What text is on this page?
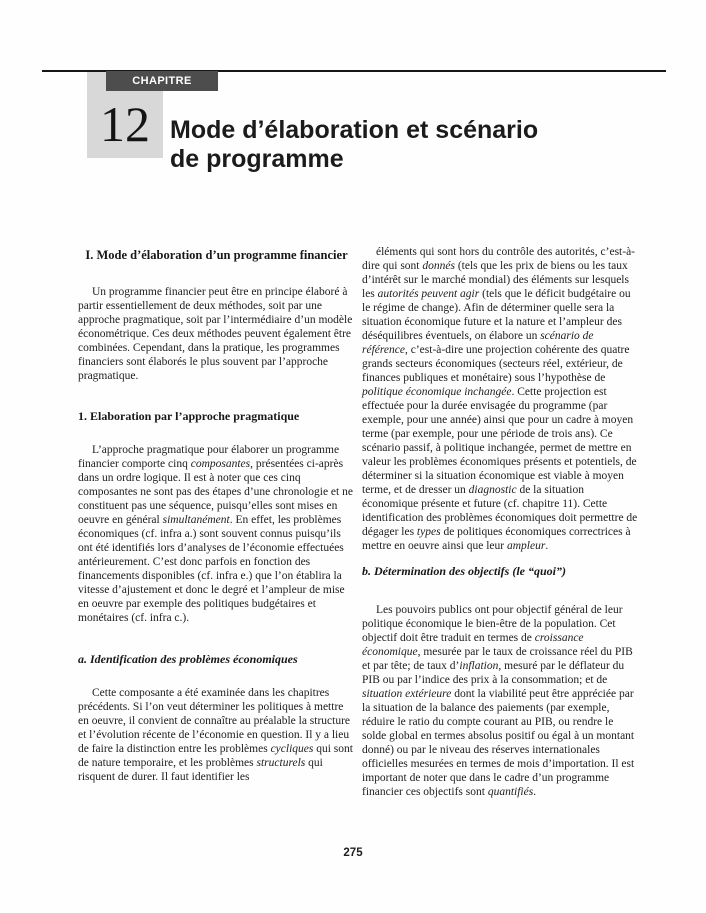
CHAPITRE
12 Mode d’élaboration et scénario
de programme
I. Mode d’élaboration d’un programme financier

Un programme financier peut être en principe élaboré à partir essentiellement de deux méthodes, soit par une approche pragmatique, soit par l’intermédiaire d’un modèle économétrique. Ces deux méthodes peuvent également être combinées. Cependant, dans la pratique, les programmes financiers sont élaborés le plus souvent par l’approche pragmatique.

1. Elaboration par l’approche pragmatique

L’approche pragmatique pour élaborer un programme financier comporte cinq composantes, présentées ci-après dans un ordre logique. Il est à noter que ces cinq composantes ne sont pas des étapes d’une chronologie et ne constituent pas une séquence, puisqu’elles sont mises en oeuvre en général simultanément. En effet, les problèmes économiques (cf. infra a.) sont souvent connus puisqu’ils ont été identifiés lors d’analyses de l’économie effectuées antérieurement. C’est donc parfois en fonction des financements disponibles (cf. infra e.) que l’on établira la vitesse d’ajustement et donc le degré et l’ampleur de mise en oeuvre par exemple des politiques budgétaires et monétaires (cf. infra c.).

a. Identification des problèmes économiques

Cette composante a été examinée dans les chapitres précédents. Si l’on veut déterminer les politiques à mettre en oeuvre, il convient de connaître au préalable la structure et l’évolution récente de l’économie en question. Il y a lieu de faire la distinction entre les problèmes cycliques qui sont de nature temporaire, et les problèmes structurels qui risquent de durer. Il faut identifier les

éléments qui sont hors du contrôle des autorités, c’est-à-dire qui sont donnés (tels que les prix de biens ou les taux d’intérêt sur le marché mondial) des éléments sur lesquels les autorités peuvent agir (tels que le déficit budgétaire ou le régime de change). Afin de déterminer quelle sera la situation économique future et la nature et l’ampleur des déséquilibres éventuels, on élabore un scénario de référence, c’est-à-dire une projection cohérente des quatre grands secteurs économiques (secteurs réel, extérieur, de finances publiques et monétaire) sous l’hypothèse de politique économique inchangée. Cette projection est effectuée pour la durée envisagée du programme (par exemple, pour une année) ainsi que pour un cadre à moyen terme (par exemple, pour une période de trois ans). Ce scénario passif, à politique inchangée, permet de mettre en valeur les problèmes économiques présents et potentiels, de déterminer si la situation économique est viable à moyen terme, et de dresser un diagnostic de la situation économique présente et future (cf. chapitre 11). Cette identification des problèmes économiques doit permettre de dégager les types de politiques économiques correctrices à mettre en oeuvre ainsi que leur ampleur.

b. Détermination des objectifs (le “quoi”)

Les pouvoirs publics ont pour objectif général de leur politique économique le bien-être de la population. Cet objectif doit être traduit en termes de croissance économique, mesurée par le taux de croissance réel du PIB et par tête; de taux d’inflation, mesuré par le déflateur du PIB ou par l’indice des prix à la consommation; et de situation extérieure dont la viabilité peut être appréciée par la situation de la balance des paiements (par exemple, réduire le ratio du compte courant au PIB, ou rendre le solde global en termes absolus positif ou égal à un montant donné) ou par le niveau des réserves internationales officielles mesurées en termes de mois d’importation. Il est important de noter que dans le cadre d’un programme financier ces objectifs sont quantifiés.

275
